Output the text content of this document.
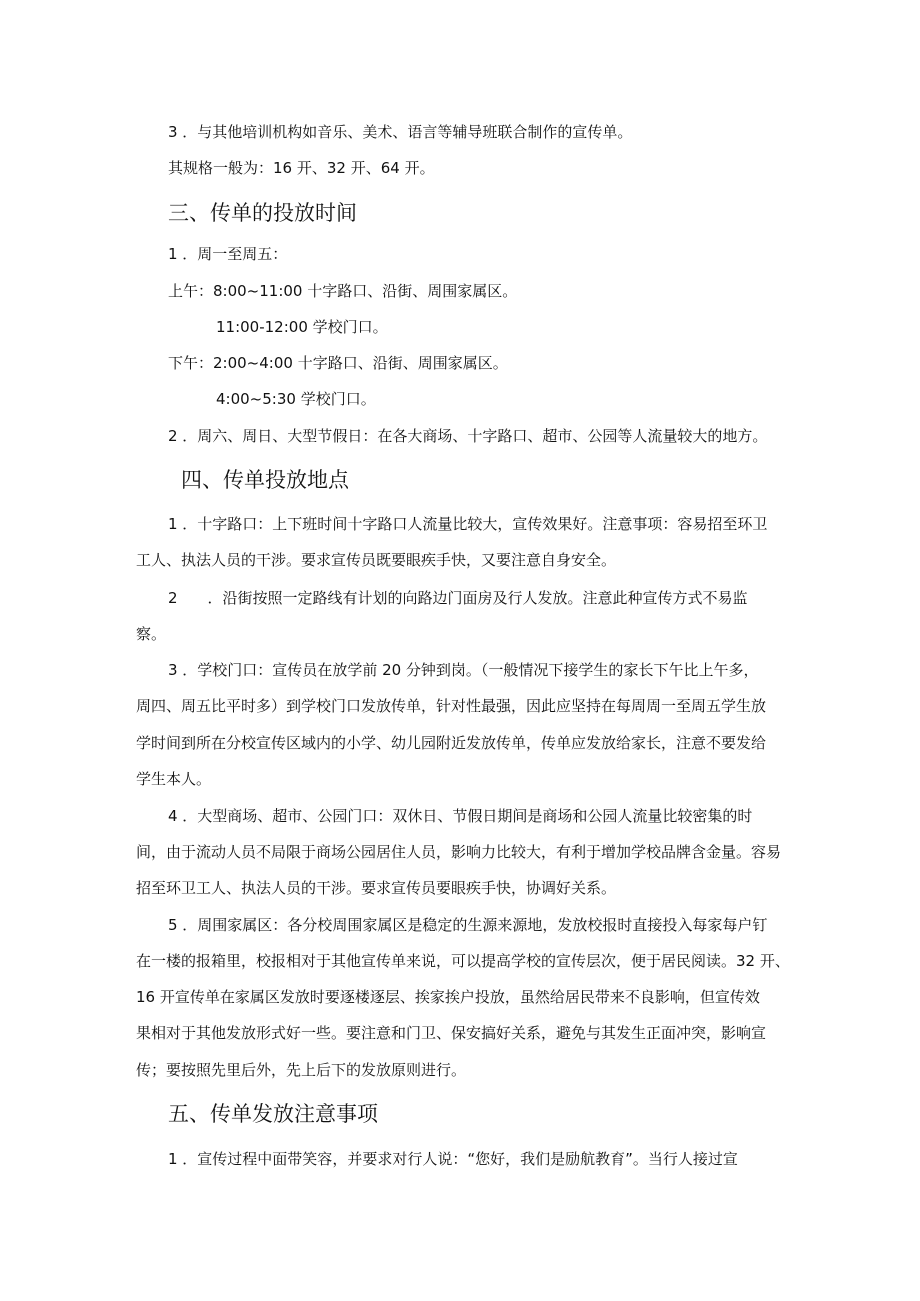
3 ．与其他培训机构如音乐、美术、语言等辅导班联合制作的宣传单。
其规格一般为：16 开、32 开、64 开。
三、传单的投放时间
1 ．周一至周五：
上午：8:00~11:00 十字路口、沿街、周围家属区。
11:00-12:00 学校门口。
下午：2:00~4:00 十字路口、沿街、周围家属区。
4:00~5:30 学校门口。
2 ．周六、周日、大型节假日：在各大商场、十字路口、超市、公园等人流量较大的地方。
四、传单投放地点
1 ．十字路口：上下班时间十字路口人流量比较大，宣传效果好。注意事项：容易招至环卫
工人、执法人员的干涉。要求宣传员既要眼疾手快，又要注意自身安全。
2　　．沿街按照一定路线有计划的向路边门面房及行人发放。注意此种宣传方式不易监
察。
3 ．学校门口：宣传员在放学前 20 分钟到岗。（一般情况下接学生的家长下午比上午多，
周四、周五比平时多）到学校门口发放传单，针对性最强，因此应坚持在每周周一至周五学生放
学时间到所在分校宣传区域内的小学、幼儿园附近发放传单，传单应发放给家长，注意不要发给
学生本人。
4 ．大型商场、超市、公园门口：双休日、节假日期间是商场和公园人流量比较密集的时
间，由于流动人员不局限于商场公园居住人员，影响力比较大，有利于增加学校品牌含金量。容易
招至环卫工人、执法人员的干涉。要求宣传员要眼疾手快，协调好关系。
5 ．周围家属区：各分校周围家属区是稳定的生源来源地，发放校报时直接投入每家每户钉
在一楼的报箱里，校报相对于其他宣传单来说，可以提高学校的宣传层次，便于居民阅读。32 开、
16 开宣传单在家属区发放时要逐楼逐层、挨家挨户投放，虽然给居民带来不良影响，但宣传效
果相对于其他发放形式好一些。要注意和门卫、保安搞好关系，避免与其发生正面冲突，影响宣
传；要按照先里后外，先上后下的发放原则进行。
五、传单发放注意事项
1 ．宣传过程中面带笑容，并要求对行人说：“您好，我们是励航教育”。当行人接过宣
